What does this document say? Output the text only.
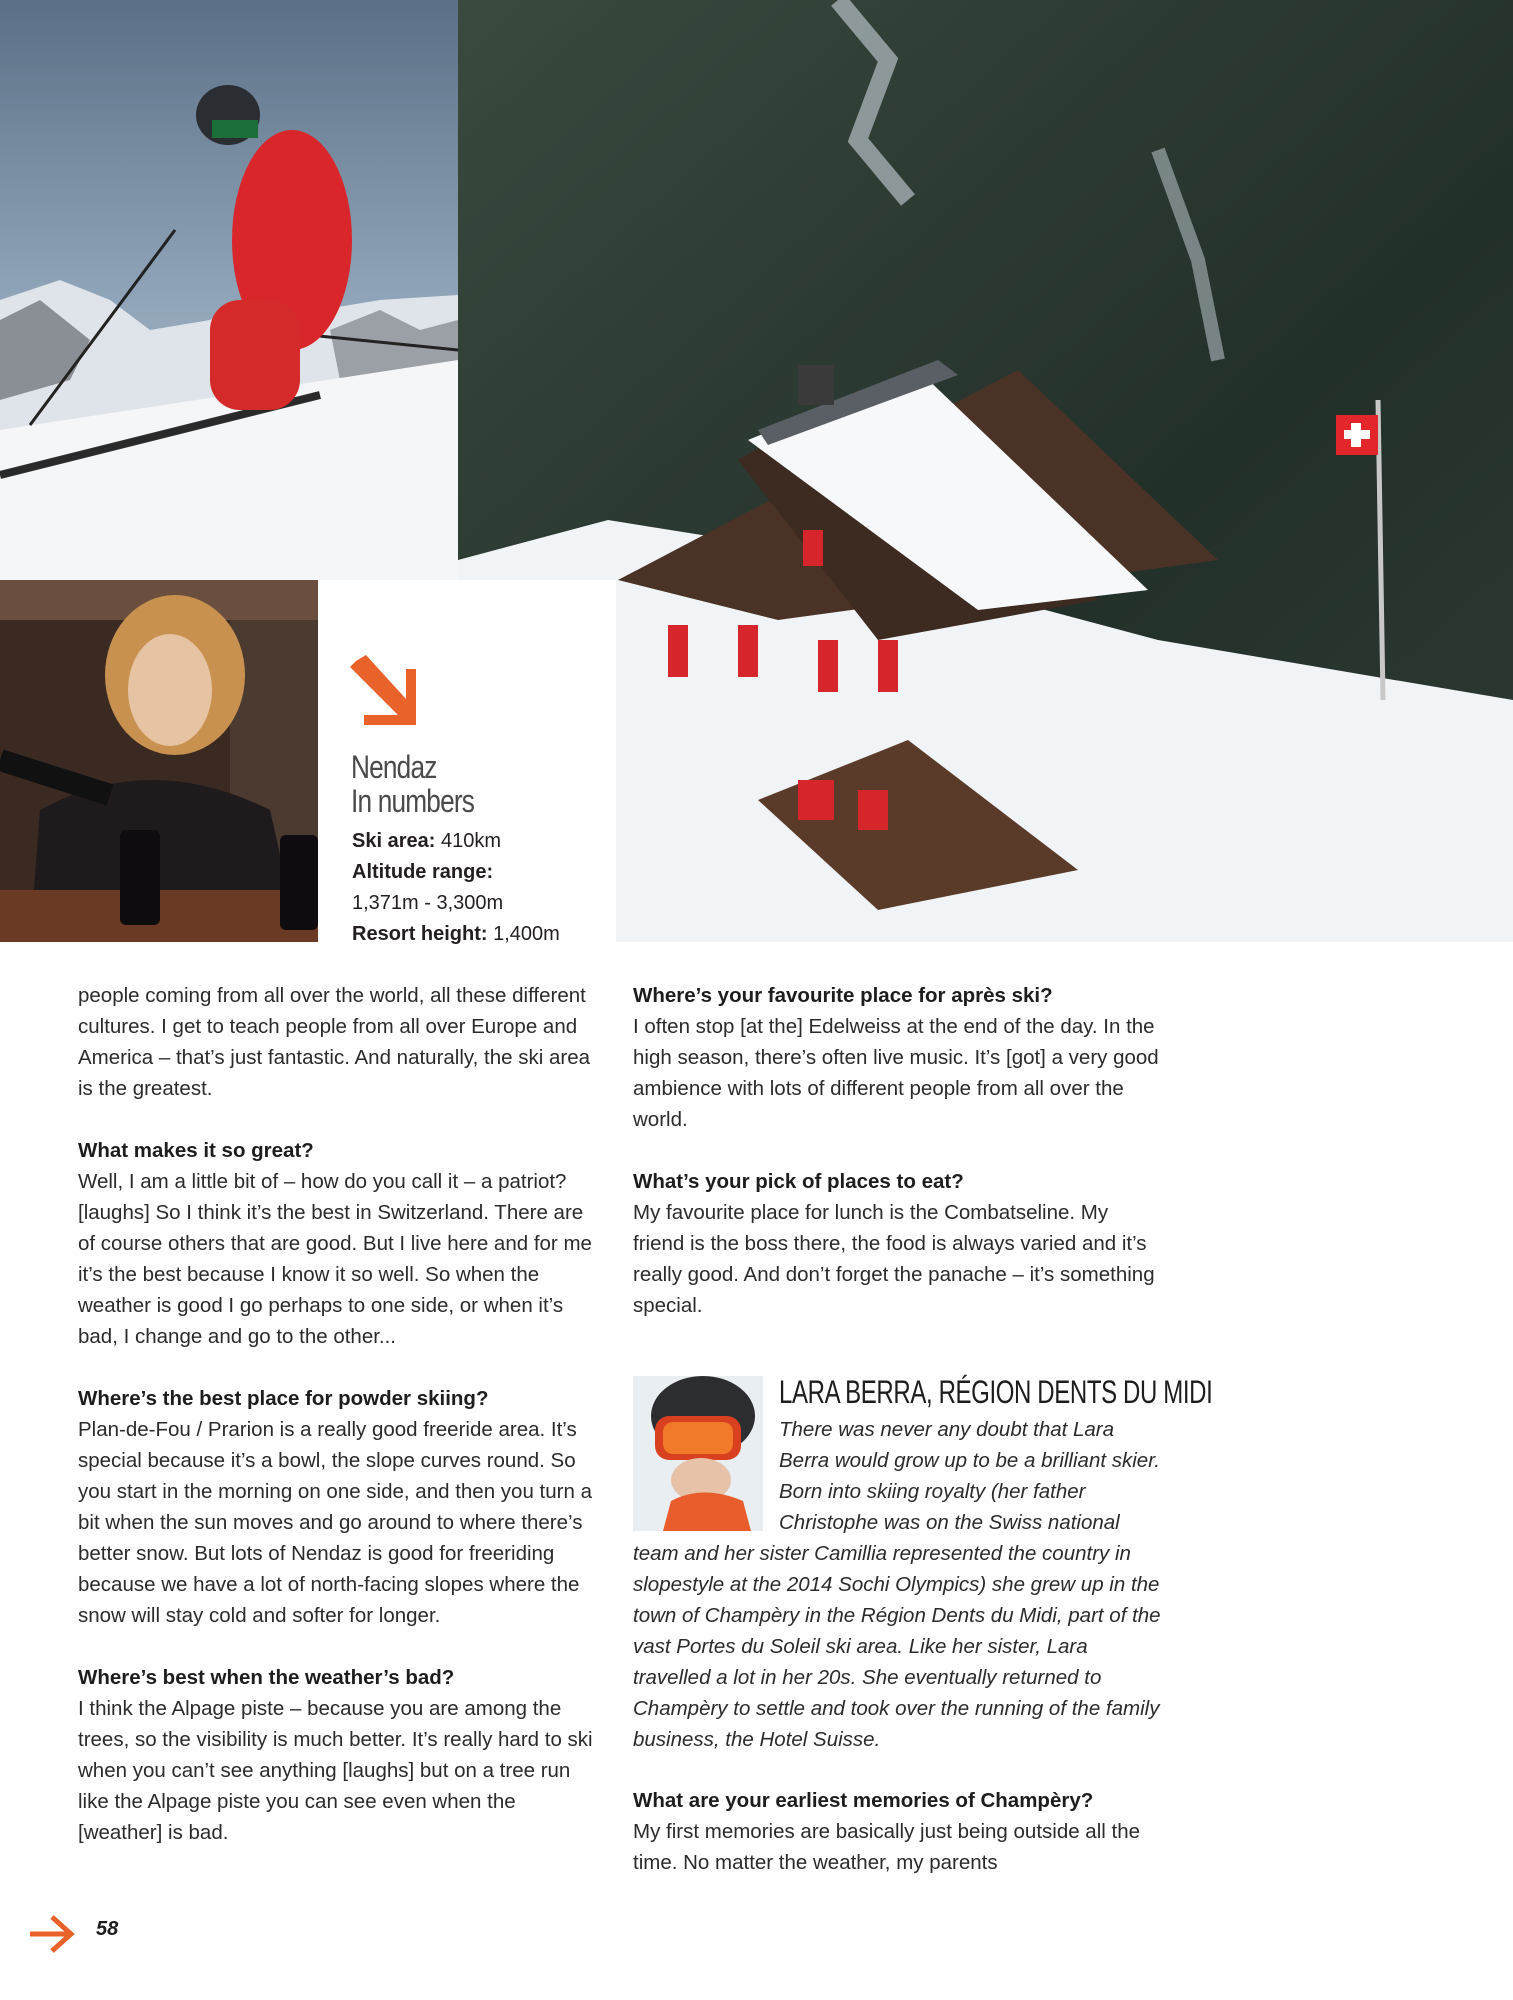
Nendaz
In numbers
Ski area: 410km
Altitude range:
1,371m - 3,300m
Resort height: 1,400m

people coming from all over the world, all these different cultures. I get to teach people from all over Europe and America – that’s just fantastic. And naturally, the ski area is the greatest.

What makes it so great?
Well, I am a little bit of – how do you call it – a patriot? [laughs] So I think it’s the best in Switzerland. There are of course others that are good. But I live here and for me it’s the best because I know it so well. So when the weather is good I go perhaps to one side, or when it’s bad, I change and go to the other...

Where’s the best place for powder skiing?
Plan-de-Fou / Prarion is a really good freeride area. It’s special because it’s a bowl, the slope curves round. So you start in the morning on one side, and then you turn a bit when the sun moves and go around to where there’s better snow. But lots of Nendaz is good for freeriding because we have a lot of north-facing slopes where the snow will stay cold and softer for longer.

Where’s best when the weather’s bad?
I think the Alpage piste – because you are among the trees, so the visibility is much better. It’s really hard to ski when you can’t see anything [laughs] but on a tree run like the Alpage piste you can see even when the [weather] is bad.

Where’s your favourite place for après ski?
I often stop [at the] Edelweiss at the end of the day. In the high season, there’s often live music. It’s [got] a very good ambience with lots of different people from all over the world.

What’s your pick of places to eat?
My favourite place for lunch is the Combatseline. My friend is the boss there, the food is always varied and it’s really good. And don’t forget the panache – it’s something special.

LARA BERRA, RÉGION DENTS DU MIDI
There was never any doubt that Lara Berra would grow up to be a brilliant skier. Born into skiing royalty (her father Christophe was on the Swiss national team and her sister Camillia represented the country in slopestyle at the 2014 Sochi Olympics) she grew up in the town of Champèry in the Région Dents du Midi, part of the vast Portes du Soleil ski area. Like her sister, Lara travelled a lot in her 20s. She eventually returned to Champèry to settle and took over the running of the family business, the Hotel Suisse.
What are your earliest memories of Champèry?
My first memories are basically just being outside all the time. No matter the weather, my parents
58
